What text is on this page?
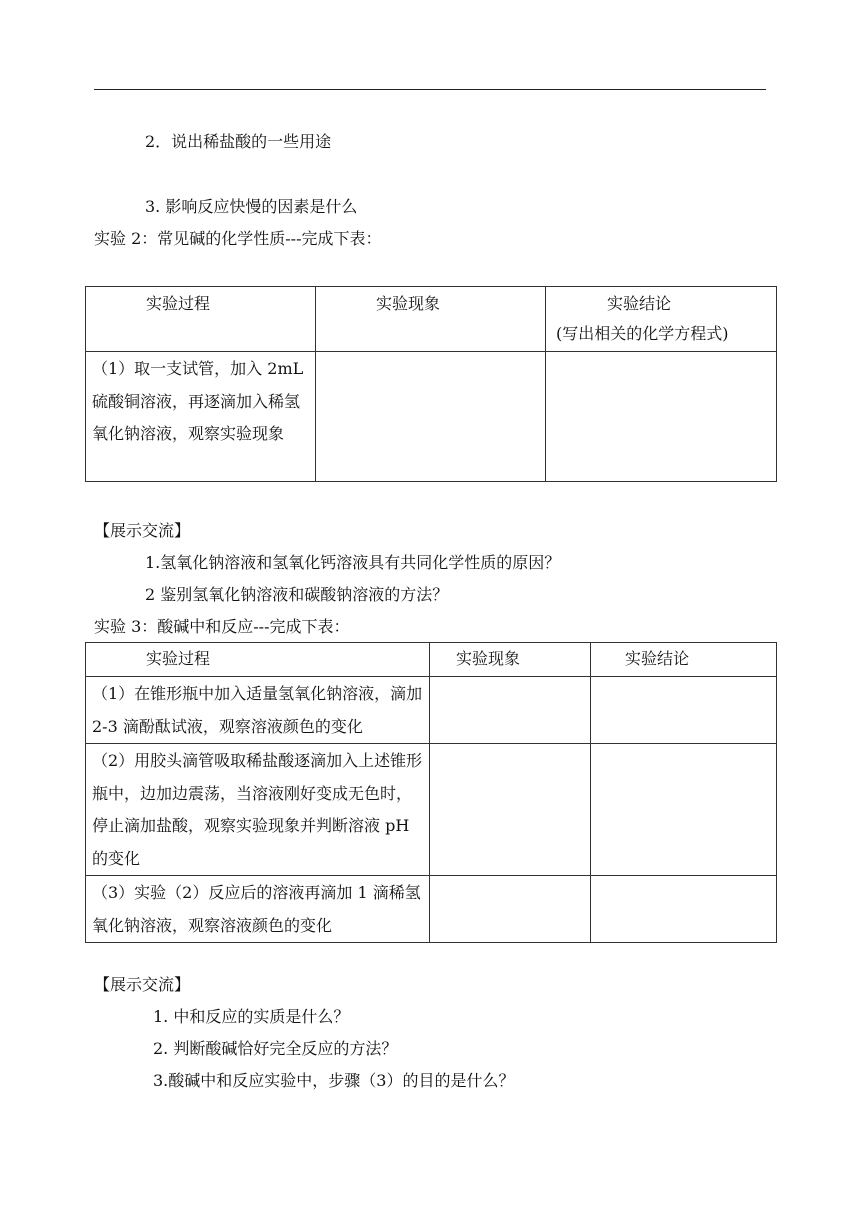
2．说出稀盐酸的一些用途
3. 影响反应快慢的因素是什么
实验 2：常见碱的化学性质---完成下表：
实验过程	实验现象	实验结论
(写出相关的化学方程式)

（1）取一支试管，加入 2mL 硫酸铜溶液，再逐滴加入稀氢氧化钠溶液，观察实验现象		

【展示交流】
1.氢氧化钠溶液和氢氧化钙溶液具有共同化学性质的原因？
2 鉴别氢氧化钠溶液和碳酸钠溶液的方法？
实验 3：酸碱中和反应---完成下表：
实验过程	实验现象	实验结论

（1）在锥形瓶中加入适量氢氧化钠溶液，滴加 2-3 滴酚酞试液，观察溶液颜色的变化		

（2）用胶头滴管吸取稀盐酸逐滴加入上述锥形瓶中，边加边震荡，当溶液刚好变成无色时，停止滴加盐酸，观察实验现象并判断溶液 pH 的变化		

（3）实验（2）反应后的溶液再滴加 1 滴稀氢氧化钠溶液，观察溶液颜色的变化		

【展示交流】
1. 中和反应的实质是什么？
2. 判断酸碱恰好完全反应的方法？
3.酸碱中和反应实验中，步骤（3）的目的是什么？
